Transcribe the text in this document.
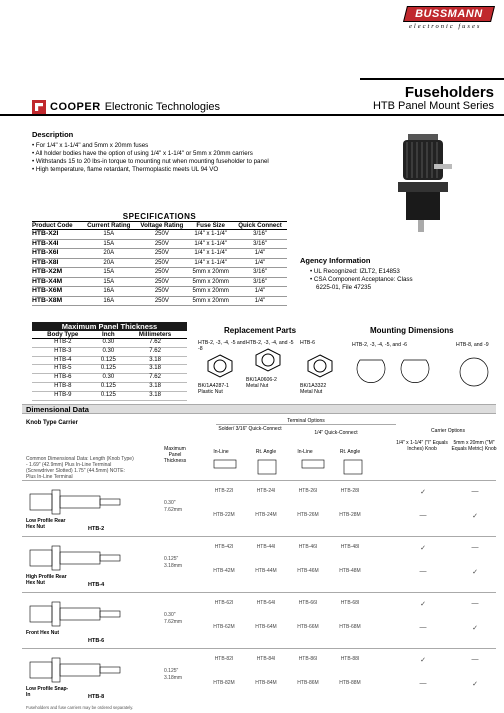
BUSSMANN
electronic fuses
Fuseholders
HTB Panel Mount Series
COOPER Electronic Technologies
Description
• For 1/4" x 1-1/4" and 5mm x 20mm fuses
• All holder bodies have the option of using 1/4" x 1-1/4" or 5mm x 20mm carriers
• Withstands 15 to 20 lbs-in torque to mounting nut when mounting fuseholder to panel
• High temperature, flame retardant, Thermoplastic meets UL 94 VO
SPECIFICATIONS
Product Code	Current Rating	Voltage Rating	Fuse Size	Quick Connect
HTB-X2I	15A	250V	1/4" x 1-1/4"	3/16"
HTB-X4I	15A	250V	1/4" x 1-1/4"	3/16"
HTB-X6I	20A	250V	1/4" x 1-1/4"	1/4"
HTB-X8I	20A	250V	1/4" x 1-1/4"	1/4"
HTB-X2M	15A	250V	5mm x 20mm	3/16"
HTB-X4M	15A	250V	5mm x 20mm	3/16"
HTB-X6M	16A	250V	5mm x 20mm	1/4"
HTB-X8M	16A	250V	5mm x 20mm	1/4"
Agency Information
• UL Recognized: IZLT2, E14853
• CSA Component Acceptance: Class 6225-01, File 47235
Maximum Panel Thickness
Body Type	Inch	Millimeters
HTB-2	0.30	7.62
HTB-3	0.30	7.62
HTB-4	0.125	3.18
HTB-5	0.125	3.18
HTB-6	0.30	7.62
HTB-8	0.125	3.18
HTB-9	0.125	3.18
Replacement Parts
HTB-2, -3, -4, -5 and -8
BK/1A4287-1
Plastic Nut
HTB-2, -3, -4, and -5
BK/1A0606-2
Metal Nut
HTB-6
BK/1A3322
Metal Nut
Mounting Dimensions
HTB-2, -3, -4, -5, and -6	HTB-8, and -9
Dimensional Data
Knob Type Carrier
Common Dimensional Data: Length (Knob Type) - 1.69" (42.9mm) Plus In-Line Terminal (Screwdriver Slotted) 1.75" (44.5mm) NOTE: Plus In-Line Terminal
Terminal Options
Solder/ 3/16" Quick-Connect
1/4" Quick-Connect
Maximum Panel Thickness
Carrier Options
1/4" x 1-1/4" ("I" Equals Inches) Knob
5mm x 20mm ("M" Equals Metric) Knob
In-Line	Rt. Angle	In-Line	Rt. Angle
Low Profile Rear Hex Nut	HTB-2
0.30" 7.62mm
HTB-22I	HTB-24I	HTB-26I	HTB-28I	✓	—
HTB-22M	HTB-24M	HTB-26M	HTB-28M	—	✓
High Profile Rear Hex Nut	HTB-4
0.125" 3.18mm
HTB-42I	HTB-44I	HTB-46I	HTB-48I	✓	—
HTB-42M	HTB-44M	HTB-46M	HTB-48M	—	✓
Front Hex Nut
HTB-6
0.30" 7.62mm
HTB-62I	HTB-64I	HTB-66I	HTB-68I	✓	—
HTB-62M	HTB-64M	HTB-66M	HTB-68M	—	✓
Low Profile Snap-In	HTB-8
0.125" 3.18mm
HTB-82I	HTB-84I	HTB-86I	HTB-88I	✓	—
HTB-82M	HTB-84M	HTB-86M	HTB-88M	—	✓
Fuseholders and fuse carriers may be ordered separately.
